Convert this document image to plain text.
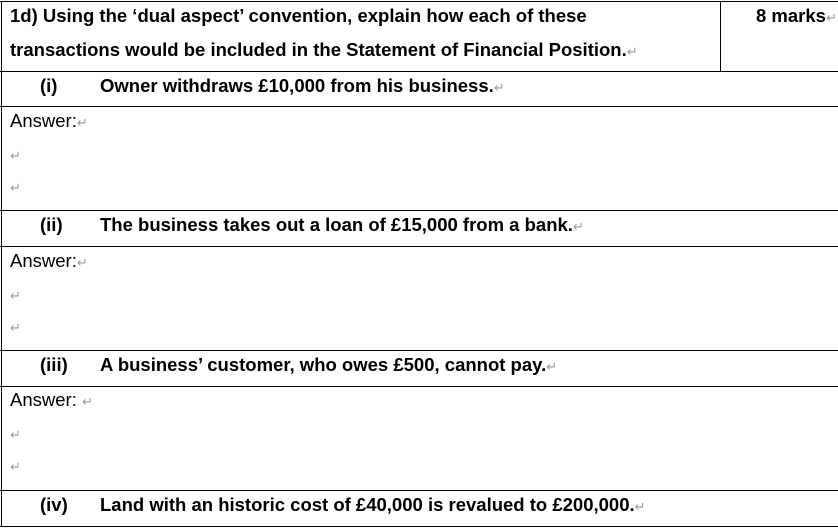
1d) Using the ‘dual aspect’ convention, explain how each of these
transactions would be included in the Statement of Financial Position.↵
8 marks↵
(i) Owner withdraws £10,000 from his business.↵
Answer:↵
↵
↵
(ii) The business takes out a loan of £15,000 from a bank.↵
Answer:↵
↵
↵
(iii) A business’ customer, who owes £500, cannot pay.↵
Answer: ↵
↵
↵
(iv) Land with an historic cost of £40,000 is revalued to £200,000.↵
